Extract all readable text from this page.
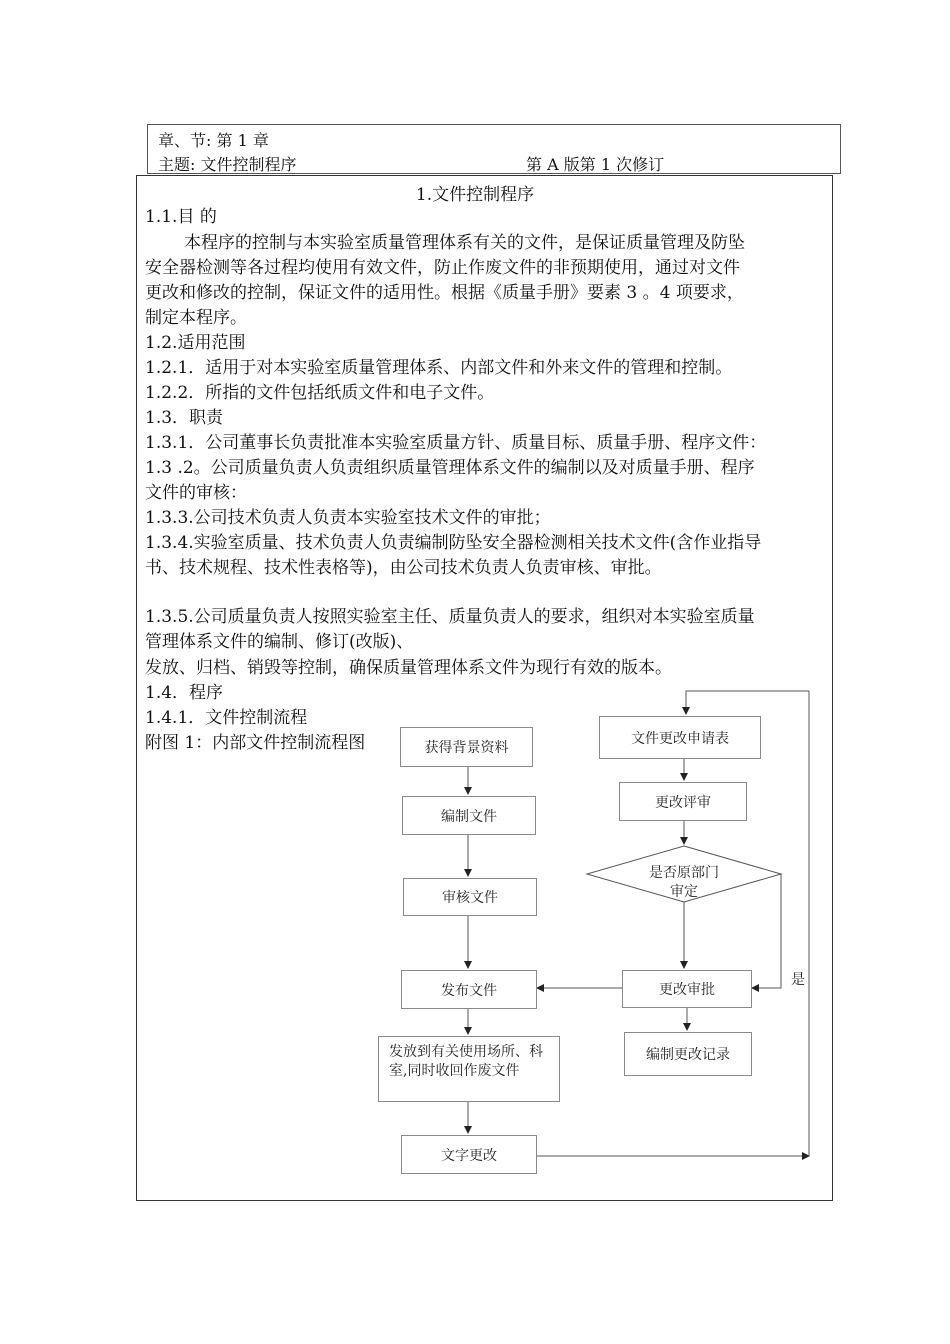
章、节: 第 1 章
主题: 文件控制程序	第 A 版第 1 次修订
1.文件控制程序
1.1.目 的
本程序的控制与本实验室质量管理体系有关的文件，是保证质量管理及防坠
安全器检测等各过程均使用有效文件，防止作废文件的非预期使用，通过对文件
更改和修改的控制，保证文件的适用性。根据《质量手册》要素 3 。4 项要求，
制定本程序。
1.2.适用范围
1.2.1．适用于对本实验室质量管理体系、内部文件和外来文件的管理和控制。
1.2.2．所指的文件包括纸质文件和电子文件。
1.3．职责
1.3.1．公司董事长负责批准本实验室质量方针、质量目标、质量手册、程序文件：
1.3 .2。公司质量负责人负责组织质量管理体系文件的编制以及对质量手册、程序
文件的审核：
1.3.3.公司技术负责人负责本实验室技术文件的审批；
1.3.4.实验室质量、技术负责人负责编制防坠安全器检测相关技术文件(含作业指导
书、技术规程、技术性表格等)，由公司技术负责人负责审核、审批。
1.3.5.公司质量负责人按照实验室主任、质量负责人的要求，组织对本实验室质量
管理体系文件的编制、修订(改版)、
发放、归档、销毁等控制，确保质量管理体系文件为现行有效的版本。
1.4．程序
1.4.1．文件控制流程
附图 1：内部文件控制流程图	获得背景资料
编制文件
审核文件
发布文件
发放到有关使用场所、科室,同时收回作废文件
文字更改
文件更改申请表
更改评审
是否原部门审定
更改审批
编制更改记录
是
